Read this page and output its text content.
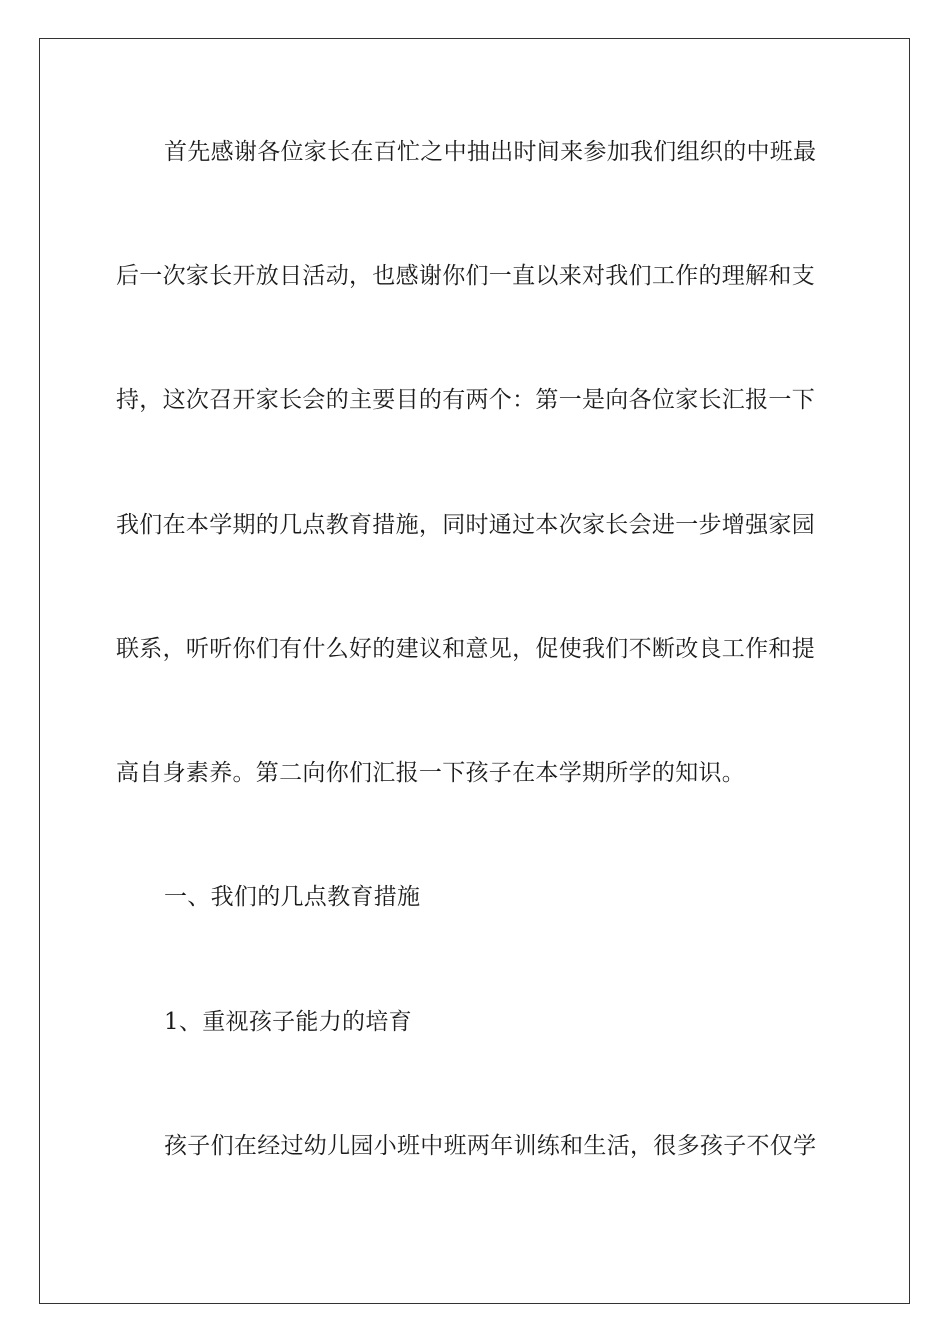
首先感谢各位家长在百忙之中抽出时间来参加我们组织的中班最
后一次家长开放日活动，也感谢你们一直以来对我们工作的理解和支
持，这次召开家长会的主要目的有两个：第一是向各位家长汇报一下
我们在本学期的几点教育措施，同时通过本次家长会进一步增强家园
联系，听听你们有什么好的建议和意见，促使我们不断改良工作和提
高自身素养。第二向你们汇报一下孩子在本学期所学的知识。
一、我们的几点教育措施
1、重视孩子能力的培育
孩子们在经过幼儿园小班中班两年训练和生活，很多孩子不仅学
